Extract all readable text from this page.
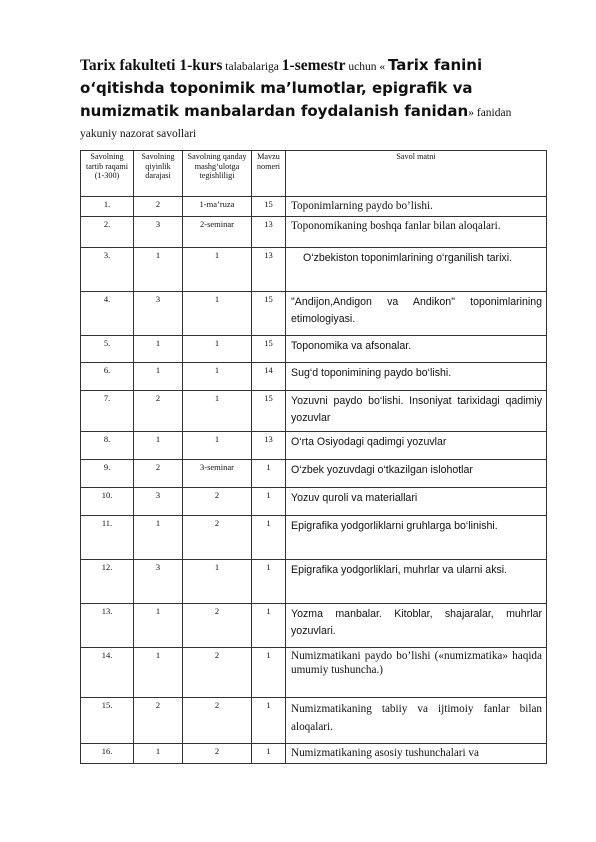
Tarix fakulteti 1-kurs talabalariga 1-semestr uchun « Tarix fanini o‘qitishda toponimik ma’lumotlar, epigrafik va numizmatik manbalardan foydalanish fanidan» fanidan yakuniy nazorat savollari
Savolning tartib raqami (1-300)	Savolning qiyinlik darajasi	Savolning qanday mashg‘ulotga tegishliligi	Mavzu nomeri	Savol matni
1.	2	1-ma’ruza	15	Toponimlarning paydo bo’lishi.
2.	3	2-seminar	13	Toponomikaning boshqa fanlar bilan aloqalari.
3.	1	1	13	O‘zbekiston toponimlarining o‘rganilish tarixi.
4.	3	1	15	"Andijon,Andigon va Andikon" toponimlarining etimologiyasi.
5.	1	1	15	Toponomika va afsonalar.
6.	1	1	14	Sug‘d toponimining paydo bo‘lishi.
7.	2	1	15	Yozuvni paydo bo‘lishi. Insoniyat tarixidagi qadimiy yozuvlar
8.	1	1	13	O‘rta Osiyodagi qadimgi yozuvlar
9.	2	3-seminar	1	O‘zbek yozuvdagi o‘tkazilgan islohotlar
10.	3	2	1	Yozuv quroli va materiallari
11.	1	2	1	Epigrafika yodgorliklarni gruhlarga bo‘linishi.
12.	3	1	1	Epigrafika yodgorliklari, muhrlar va ularni aksi.
13.	1	2	1	Yozma manbalar. Kitoblar, shajaralar, muhrlar yozuvlari.
14.	1	2	1	Numizmatikani paydo bo’lishi («numizmatika» haqida umumiy tushuncha.)
15.	2	2	1	Numizmatikaning tabiiy va ijtimoiy fanlar bilan aloqalari.
16.	1	2	1	Numizmatikaning asosiy tushunchalari va
